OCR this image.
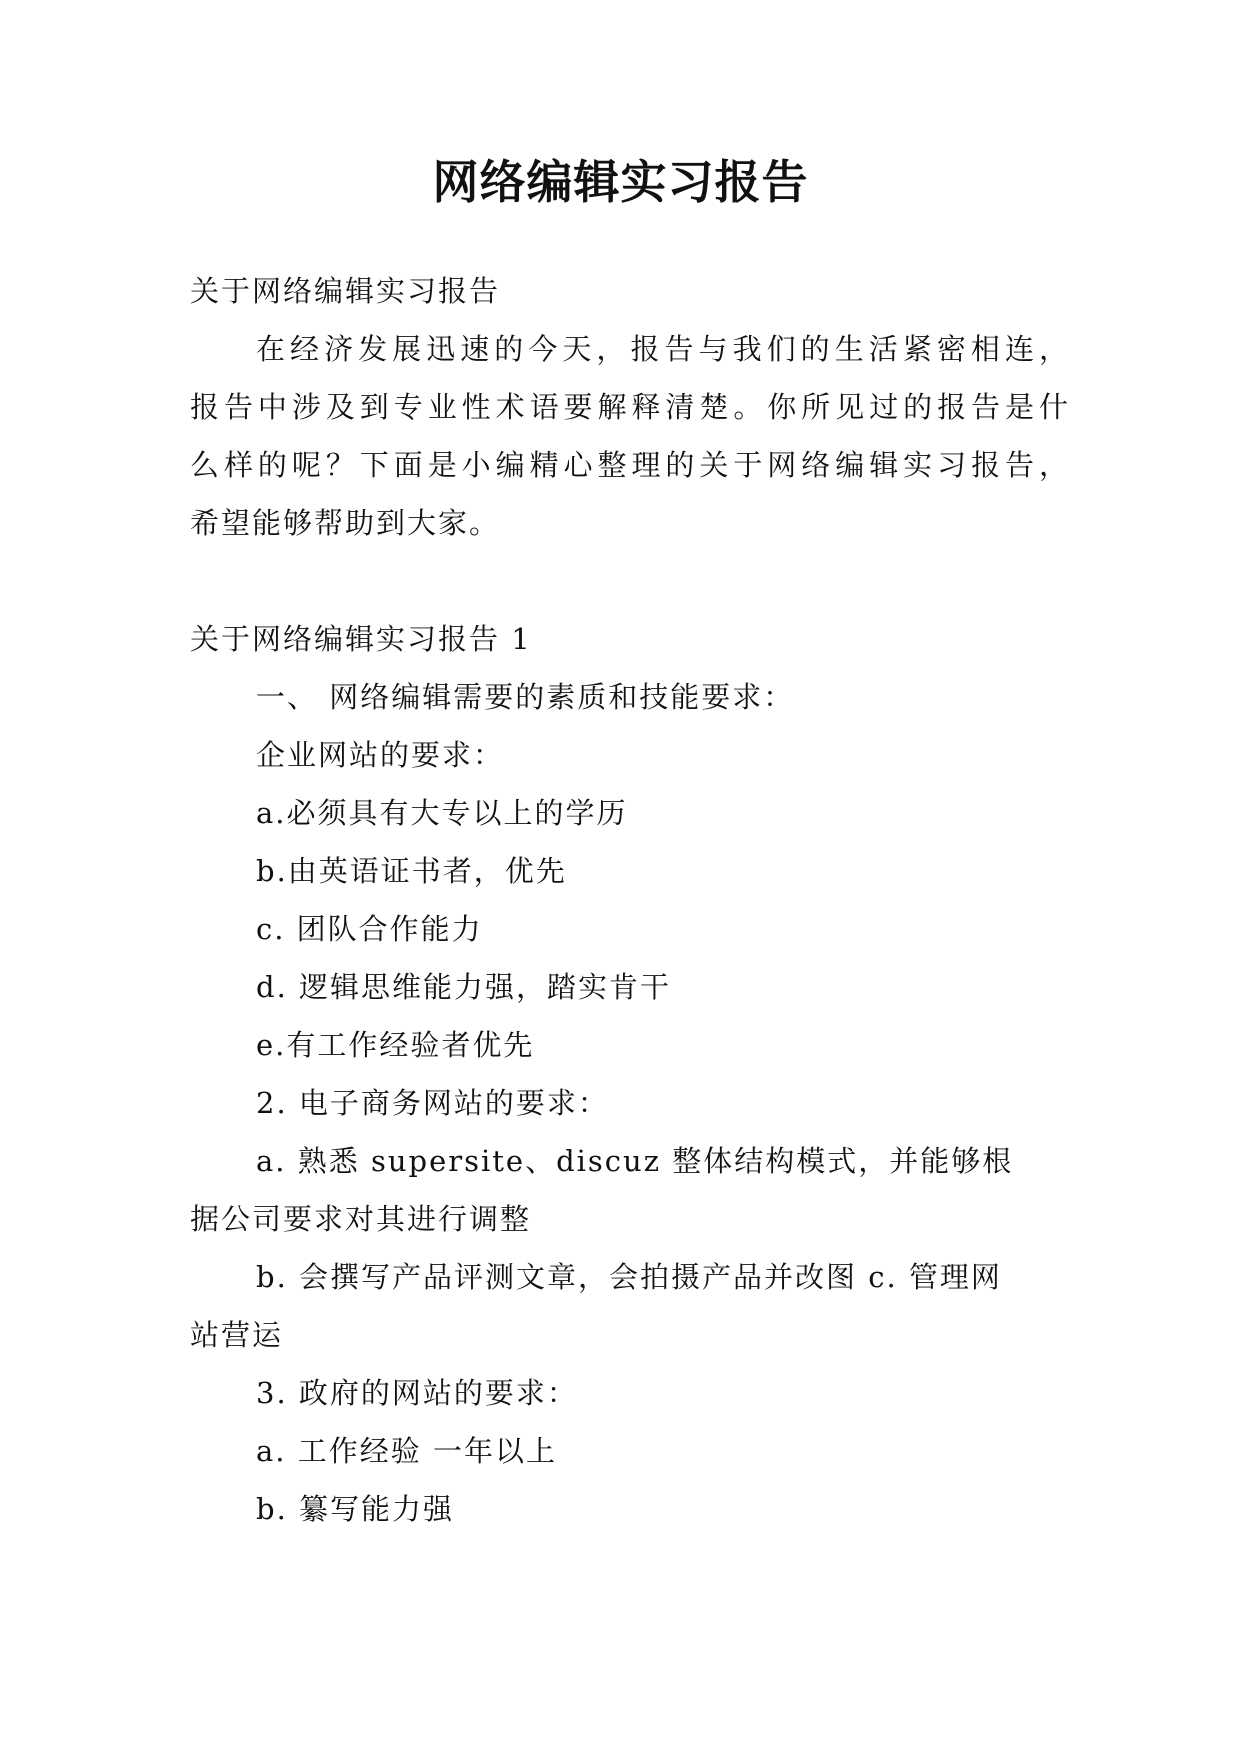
网络编辑实习报告
关于网络编辑实习报告
在经济发展迅速的今天，报告与我们的生活紧密相连，
报告中涉及到专业性术语要解释清楚。你所见过的报告是什
么样的呢？下面是小编精心整理的关于网络编辑实习报告，
希望能够帮助到大家。
关于网络编辑实习报告 1
一、 网络编辑需要的素质和技能要求：
企业网站的要求：
a.必须具有大专以上的学历
b.由英语证书者，优先
c. 团队合作能力
d. 逻辑思维能力强，踏实肯干
e.有工作经验者优先
2. 电子商务网站的要求：
a. 熟悉 supersite、discuz 整体结构模式，并能够根
据公司要求对其进行调整
b. 会撰写产品评测文章，会拍摄产品并改图 c. 管理网
站营运
3. 政府的网站的要求：
a. 工作经验 一年以上
b. 纂写能力强
